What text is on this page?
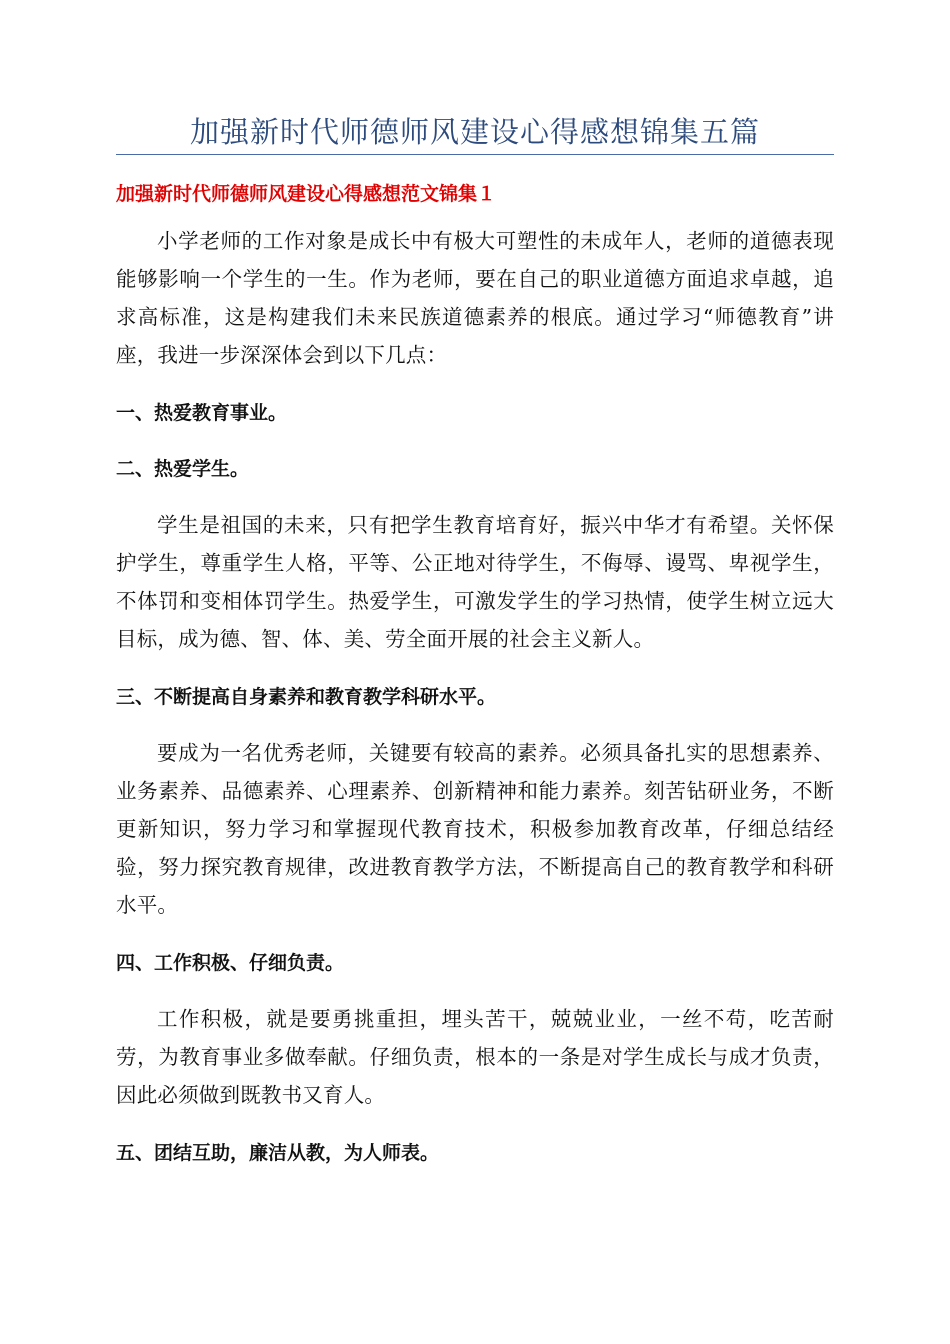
加强新时代师德师风建设心得感想锦集五篇
加强新时代师德师风建设心得感想范文锦集１

小学老师的工作对象是成长中有极大可塑性的未成年人，老师的道德表现能够影响一个学生的一生。作为老师，要在自己的职业道德方面追求卓越，追求高标准，这是构建我们未来民族道德素养的根底。通过学习“师德教育”讲座，我进一步深深体会到以下几点：

一、热爱教育事业。

二、热爱学生。

学生是祖国的未来，只有把学生教育培育好，振兴中华才有希望。关怀保护学生，尊重学生人格，平等、公正地对待学生，不侮辱、谩骂、卑视学生，不体罚和变相体罚学生。热爱学生，可激发学生的学习热情，使学生树立远大目标，成为德、智、体、美、劳全面开展的社会主义新人。

三、不断提高自身素养和教育教学科研水平。

要成为一名优秀老师，关键要有较高的素养。必须具备扎实的思想素养、业务素养、品德素养、心理素养、创新精神和能力素养。刻苦钻研业务，不断更新知识，努力学习和掌握现代教育技术，积极参加教育改革，仔细总结经验，努力探究教育规律，改进教育教学方法，不断提高自己的教育教学和科研水平。

四、工作积极、仔细负责。

工作积极，就是要勇挑重担，埋头苦干，兢兢业业，一丝不苟，吃苦耐劳，为教育事业多做奉献。仔细负责，根本的一条是对学生成长与成才负责，因此必须做到既教书又育人。

五、团结互助，廉洁从教，为人师表。
